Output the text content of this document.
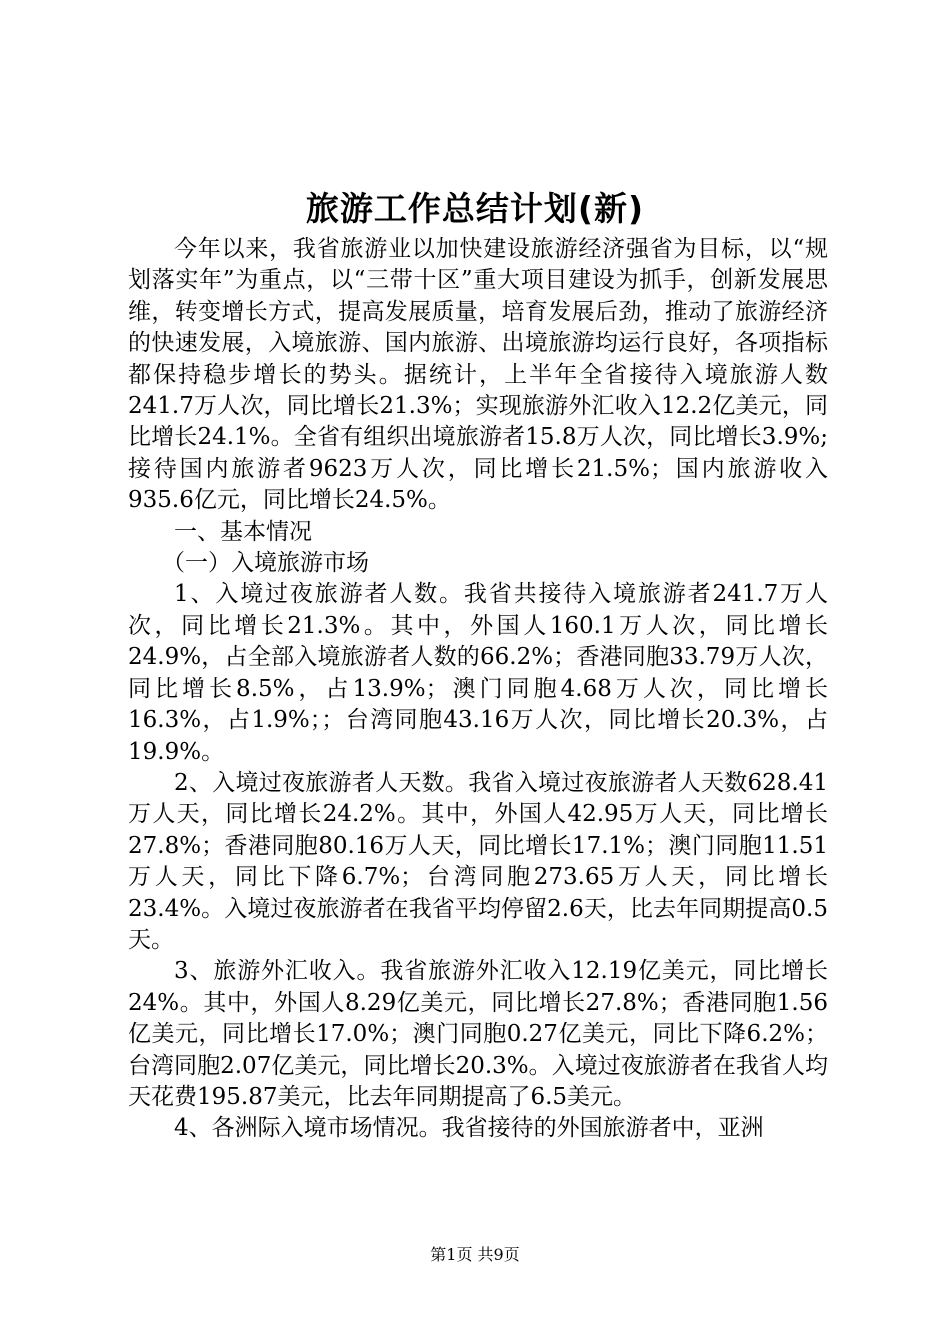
旅游工作总结计划(新)

今年以来，我省旅游业以加快建设旅游经济强省为目标，以“规划落实年”为重点，以“三带十区”重大项目建设为抓手，创新发展思维，转变增长方式，提高发展质量，培育发展后劲，推动了旅游经济的快速发展，入境旅游、国内旅游、出境旅游均运行良好，各项指标都保持稳步增长的势头。据统计，上半年全省接待入境旅游人数241.7万人次，同比增长21.3%；实现旅游外汇收入12.2亿美元，同比增长24.1%。全省有组织出境旅游者15.8万人次，同比增长3.9%;接待国内旅游者9623万人次，同比增长21.5%；国内旅游收入935.6亿元，同比增长24.5%。

一、基本情况

（一）入境旅游市场

1、入境过夜旅游者人数。我省共接待入境旅游者241.7万人次，同比增长21.3%。其中，外国人160.1万人次，同比增长24.9%，占全部入境旅游者人数的66.2%；香港同胞33.79万人次，同比增长8.5%，占13.9%；澳门同胞4.68万人次，同比增长16.3%，占1.9%；；台湾同胞43.16万人次，同比增长20.3%，占19.9%。

2、入境过夜旅游者人天数。我省入境过夜旅游者人天数628.41万人天，同比增长24.2%。其中，外国人42.95万人天，同比增长27.8%；香港同胞80.16万人天，同比增长17.1%；澳门同胞11.51万人天，同比下降6.7%；台湾同胞273.65万人天，同比增长23.4%。入境过夜旅游者在我省平均停留2.6天，比去年同期提高0.5天。

3、旅游外汇收入。我省旅游外汇收入12.19亿美元，同比增长24%。其中，外国人8.29亿美元，同比增长27.8%；香港同胞1.56亿美元，同比增长17.0%；澳门同胞0.27亿美元，同比下降6.2%；台湾同胞2.07亿美元，同比增长20.3%。入境过夜旅游者在我省人均天花费195.87美元，比去年同期提高了6.5美元。

4、各洲际入境市场情况。我省接待的外国旅游者中，亚洲

第1页 共9页
